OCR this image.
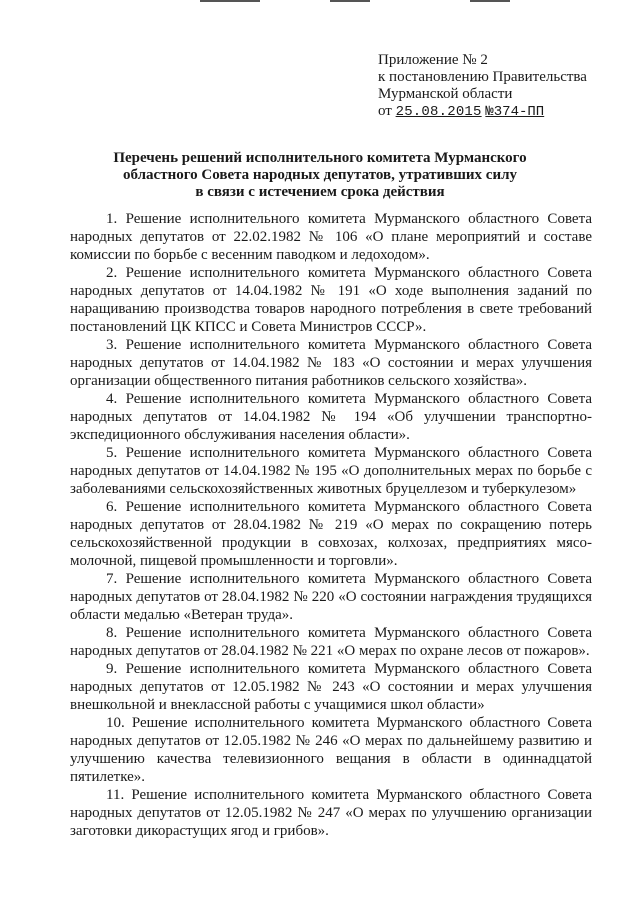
Приложение № 2
к постановлению Правительства
Мурманской области
от 25.08.2015 №374-ПП
Перечень решений исполнительного комитета Мурманского
областного Совета народных депутатов, утративших силу
в связи с истечением срока действия

1. Решение исполнительного комитета Мурманского областного Совета народных депутатов от 22.02.1982 № 106 «О плане мероприятий и составе комиссии по борьбе с весенним паводком и ледоходом».

2. Решение исполнительного комитета Мурманского областного Совета народных депутатов от 14.04.1982 № 191 «О ходе выполнения заданий по наращиванию производства товаров народного потребления в свете требований постановлений ЦК КПСС и Совета Министров СССР».

3. Решение исполнительного комитета Мурманского областного Совета народных депутатов от 14.04.1982 № 183 «О состоянии и мерах улучшения организации общественного питания работников сельского хозяйства».

4. Решение исполнительного комитета Мурманского областного Совета народных депутатов от 14.04.1982 № 194 «Об улучшении транспортно-экспедиционного обслуживания населения области».

5. Решение исполнительного комитета Мурманского областного Совета народных депутатов от 14.04.1982 № 195 «О дополнительных мерах по борьбе с заболеваниями сельскохозяйственных животных бруцеллезом и туберкулезом»

6. Решение исполнительного комитета Мурманского областного Совета народных депутатов от 28.04.1982 № 219 «О мерах по сокращению потерь сельскохозяйственной продукции в совхозах, колхозах, предприятиях мясо-молочной, пищевой промышленности и торговли».

7. Решение исполнительного комитета Мурманского областного Совета народных депутатов от 28.04.1982 № 220 «О состоянии награждения трудящихся области медалью «Ветеран труда».

8. Решение исполнительного комитета Мурманского областного Совета народных депутатов от 28.04.1982 № 221 «О мерах по охране лесов от пожаров».

9. Решение исполнительного комитета Мурманского областного Совета народных депутатов от 12.05.1982 № 243 «О состоянии и мерах улучшения внешкольной и внеклассной работы с учащимися школ области»

10. Решение исполнительного комитета Мурманского областного Совета народных депутатов от 12.05.1982 № 246 «О мерах по дальнейшему развитию и улучшению качества телевизионного вещания в области в одиннадцатой пятилетке».

11. Решение исполнительного комитета Мурманского областного Совета народных депутатов от 12.05.1982 № 247 «О мерах по улучшению организации заготовки дикорастущих ягод и грибов».
